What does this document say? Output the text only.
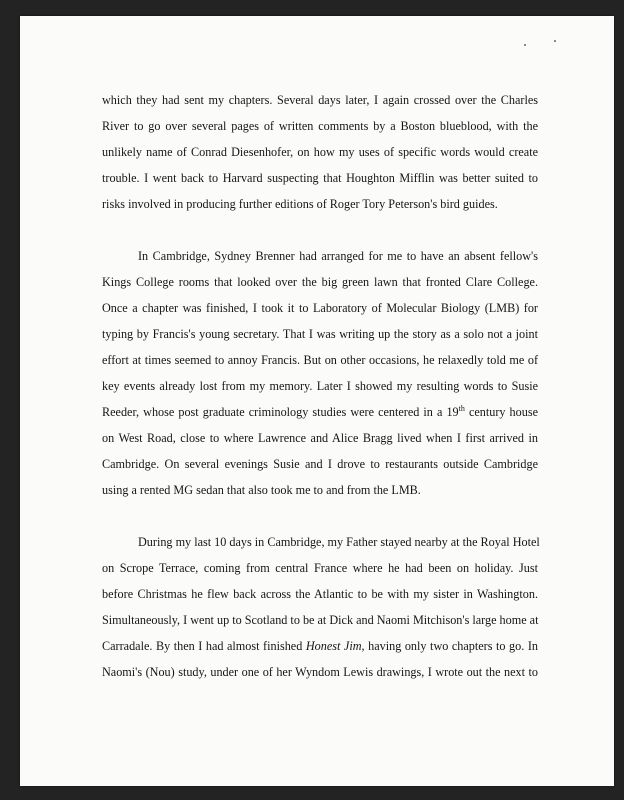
which they had sent my chapters. Several days later, I again crossed over the Charles
River to go over several pages of written comments by a Boston blueblood, with the
unlikely name of Conrad Diesenhofer, on how my uses of specific words would create
trouble. I went back to Harvard suspecting that Houghton Mifflin was better suited to
risks involved in producing further editions of Roger Tory Peterson's bird guides.
In Cambridge, Sydney Brenner had arranged for me to have an absent fellow's
Kings College rooms that looked over the big green lawn that fronted Clare College.
Once a chapter was finished, I took it to Laboratory of Molecular Biology (LMB) for
typing by Francis's young secretary. That I was writing up the story as a solo not a joint
effort at times seemed to annoy Francis. But on other occasions, he relaxedly told me of
key events already lost from my memory. Later I showed my resulting words to Susie
Reeder, whose post graduate criminology studies were centered in a 19th century house
on West Road, close to where Lawrence and Alice Bragg lived when I first arrived in
Cambridge. On several evenings Susie and I drove to restaurants outside Cambridge
using a rented MG sedan that also took me to and from the LMB.
During my last 10 days in Cambridge, my Father stayed nearby at the Royal Hotel
on Scrope Terrace, coming from central France where he had been on holiday. Just
before Christmas he flew back across the Atlantic to be with my sister in Washington.
Simultaneously, I went up to Scotland to be at Dick and Naomi Mitchison's large home at
Carradale. By then I had almost finished Honest Jim, having only two chapters to go. In
Naomi's (Nou) study, under one of her Wyndom Lewis drawings, I wrote out the next to
